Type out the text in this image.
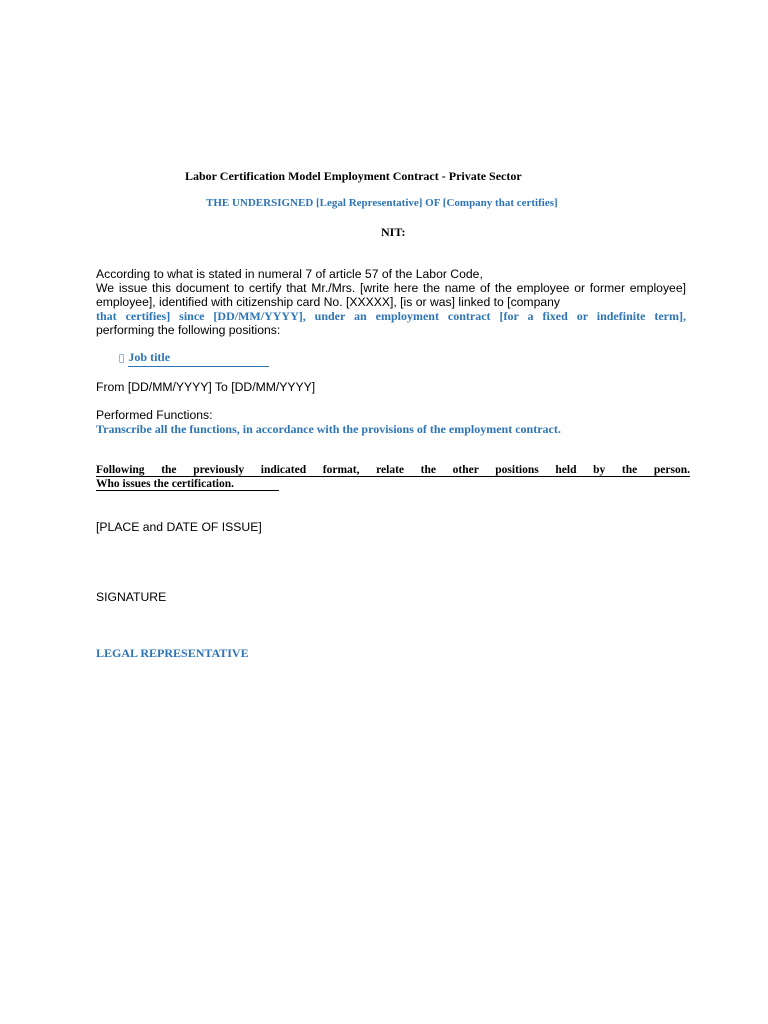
Labor Certification Model Employment Contract - Private Sector
THE UNDERSIGNED [Legal Representative] OF [Company that certifies]
NIT:
According to what is stated in numeral 7 of article 57 of the Labor Code,
We issue this document to certify that Mr./Mrs. [write here the name of the employee or former employee]
employee], identified with citizenship card No. [XXXXX], [is or was] linked to [company
that certifies] since [DD/MM/YYYY], under an employment contract [for a fixed or indefinite term],
performing the following positions:
Job title
From [DD/MM/YYYY] To [DD/MM/YYYY]
Performed Functions:
Transcribe all the functions, in accordance with the provisions of the employment contract.
Following the previously indicated format, relate the other positions held by the person.
Who issues the certification.
[PLACE and DATE OF ISSUE]
SIGNATURE
LEGAL REPRESENTATIVE
